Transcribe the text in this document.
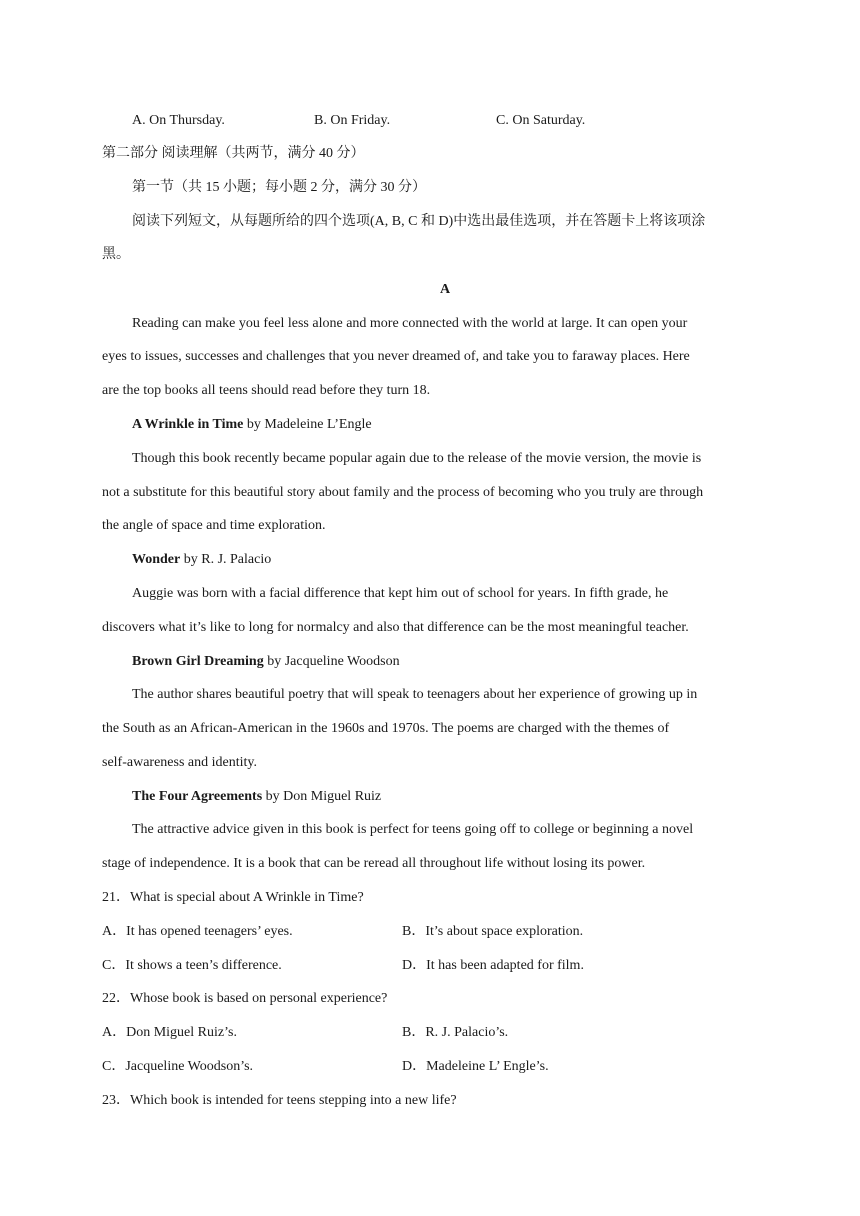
A. On Thursday.	B. On Friday.	C. On Saturday.
第二部分 阅读理解（共两节，满分 40 分）
第一节（共 15 小题；每小题 2 分，满分 30 分）
阅读下列短文，从每题所给的四个选项(A, B, C 和 D)中选出最佳选项，并在答题卡上将该项涂
黑。
A
Reading can make you feel less alone and more connected with the world at large. It can open your
eyes to issues, successes and challenges that you never dreamed of, and take you to faraway places. Here
are the top books all teens should read before they turn 18.
A Wrinkle in Time by Madeleine L’Engle
Though this book recently became popular again due to the release of the movie version, the movie is
not a substitute for this beautiful story about family and the process of becoming who you truly are through
the angle of space and time exploration.
Wonder by R. J. Palacio
Auggie was born with a facial difference that kept him out of school for years. In fifth grade, he
discovers what it’s like to long for normalcy and also that difference can be the most meaningful teacher.
Brown Girl Dreaming by Jacqueline Woodson
The author shares beautiful poetry that will speak to teenagers about her experience of growing up in
the South as an African-American in the 1960s and 1970s. The poems are charged with the themes of
self-awareness and identity.
The Four Agreements by Don Miguel Ruiz
The attractive advice given in this book is perfect for teens going off to college or beginning a novel
stage of independence. It is a book that can be reread all throughout life without losing its power.
21．What is special about A Wrinkle in Time?
A．It has opened teenagers’ eyes.	B．It’s about space exploration.
C．It shows a teen’s difference.	D．It has been adapted for film.
22．Whose book is based on personal experience?
A．Don Miguel Ruiz’s.	B．R. J. Palacio’s.
C．Jacqueline Woodson’s.	D．Madeleine L’ Engle’s.
23．Which book is intended for teens stepping into a new life?
